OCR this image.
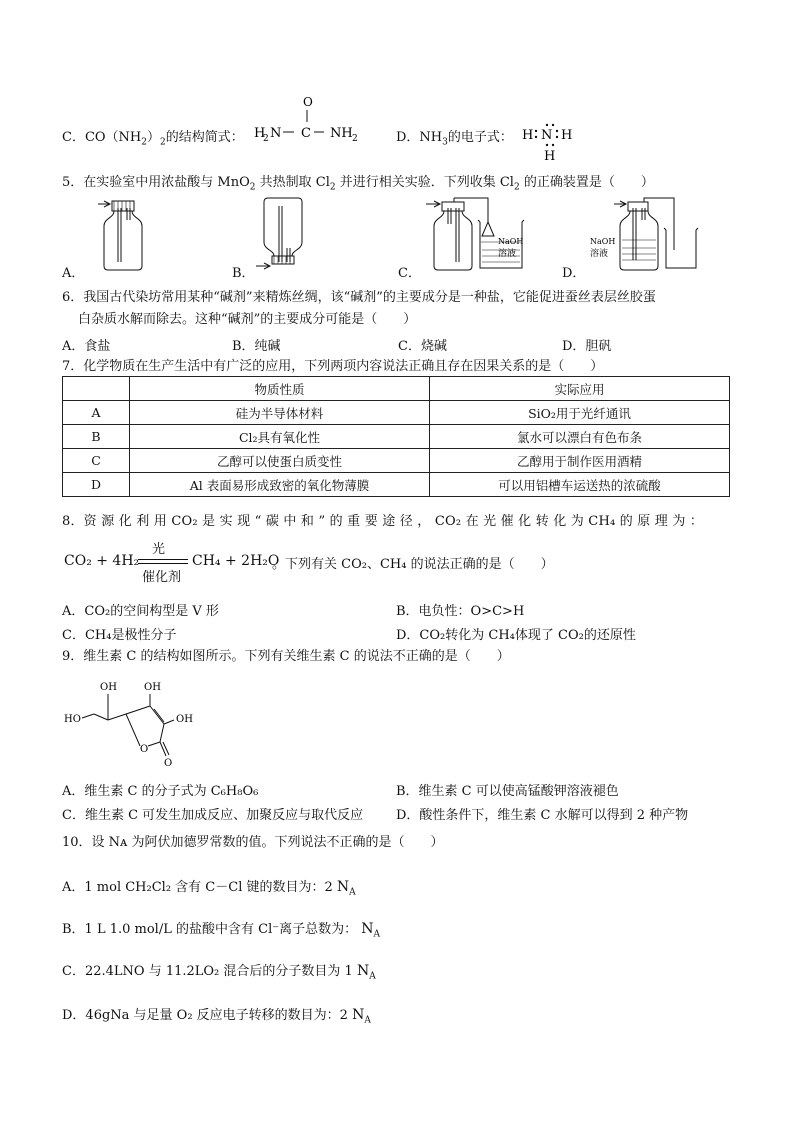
C．$CO(NH_2)_2$的结构简式：
O
H
2 N C NH 2	D．$NH_3$的电子式： H N H
H
5．在实验室中用浓盐酸与 MnO$_2$ 共热制取 $Cl_2$ 并进行相关实验．下列收集 $Cl_2$ 的正确装置是（　　）
A．	B．	C．
NaOH
溶液
D．
NaOH
溶液
6．我国古代染坊常用某种“碱剂”来精炼丝绸，该“碱剂”的主要成分是一种盐，它能促进蚕丝表层丝胶蛋
白杂质水解而除去。这种“碱剂”的主要成分可能是（　　）
A．食盐	B．纯碱	C．烧碱	D．胆矾
7．化学物质在生产生活中有广泛的应用，下列两项内容说法正确且存在因果关系的是（　　）
	物质性质	实际应用
A	硅为半导体材料	SiO₂用于光纤通讯
B	Cl₂具有氧化性	氯水可以漂白有色布条
C	乙醇可以使蛋白质变性	乙醇用于制作医用酒精
D	Al 表面易形成致密的氧化物薄膜	可以用铝槽车运送热的浓硫酸
8．资 源 化 利 用 CO₂ 是 实 现 “ 碳 中 和 ” 的 重 要 途 径 ， CO₂ 在 光 催 化 转 化 为 CH₄ 的 原 理 为 ：
CO₂ + 4H₂
光
催化剂
CH₄ + 2H₂O
。下列有关 CO₂、CH₄ 的说法正确的是（　　）
A．CO₂的空间构型是 V 形	B．电负性：O>C>H
C．CH₄是极性分子	D．CO₂转化为 CH₄体现了 CO₂的还原性
9．维生素 C 的结构如图所示。下列有关维生素 C 的说法不正确的是（　　）
OH	OH
OH
HO
O
O
A．维生素 C 的分子式为 C₆H₈O₆	B．维生素 C 可以使高锰酸钾溶液褪色
C．维生素 C 可发生加成反应、加聚反应与取代反应	D．酸性条件下，维生素 C 水解可以得到 2 种产物
10．设 Nᴀ 为阿伏加德罗常数的值。下列说法不正确的是（　　）
A．1 mol CH₂Cl₂ 含有 C－Cl 键的数目为：2 $N_A$
B．1 L 1.0 mol/L 的盐酸中含有 Cl⁻离子总数为： $N_A$
C．22.4LNO 与 11.2LO₂ 混合后的分子数目为 1 $N_A$
D．46gNa 与足量 O₂ 反应电子转移的数目为：2 $N_A$
